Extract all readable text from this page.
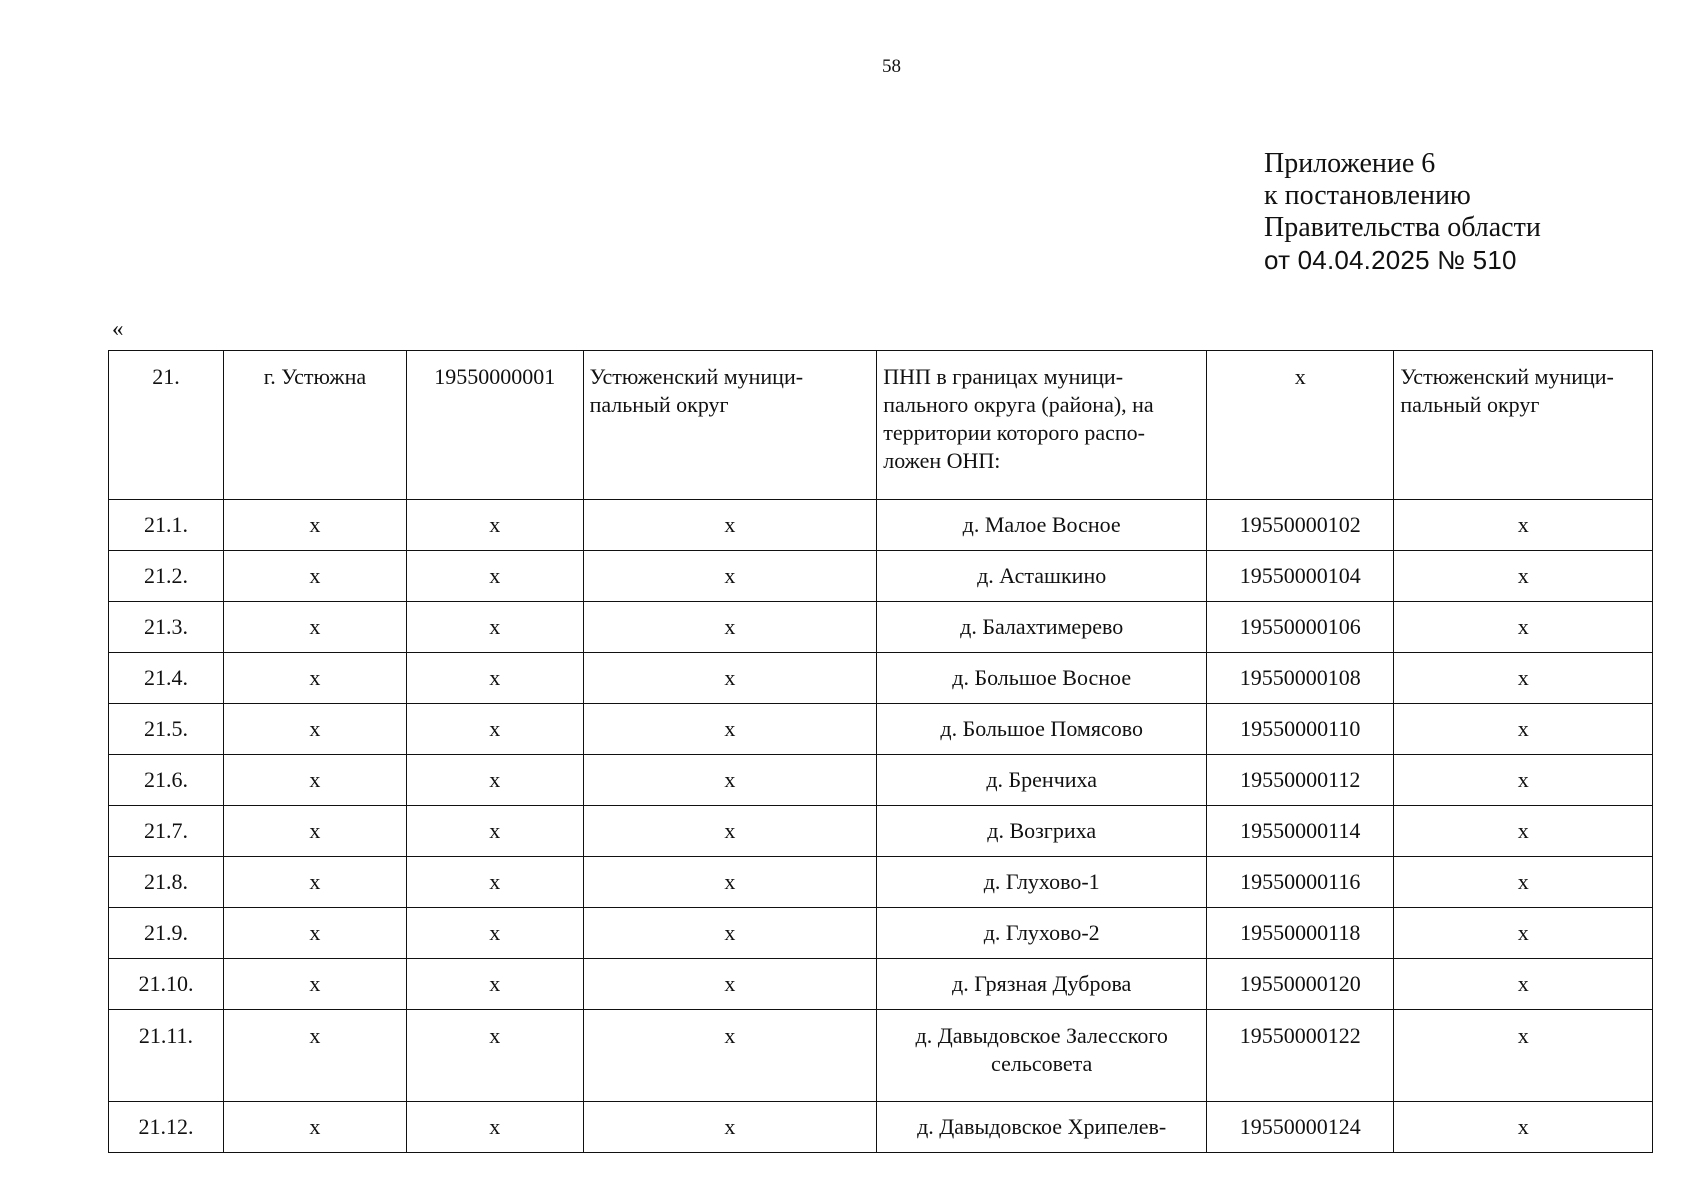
58
Приложение 6
к постановлению
Правительства области
от 04.04.2025 № 510
«
21.	г. Устюжна	19550000001	Устюженский муници-пальный округ	ПНП в границах муници-пального округа (района), на территории которого распо-ложен ОНП:	х	Устюженский муници-пальный округ
21.1.	х	х	х	д. Малое Восное	19550000102	х
21.2.	х	х	х	д. Асташкино	19550000104	х
21.3.	х	х	х	д. Балахтимерево	19550000106	х
21.4.	х	х	х	д. Большое Восное	19550000108	х
21.5.	х	х	х	д. Большое Помясово	19550000110	х
21.6.	х	х	х	д. Бренчиха	19550000112	х
21.7.	х	х	х	д. Возгриха	19550000114	х
21.8.	х	х	х	д. Глухово-1	19550000116	х
21.9.	х	х	х	д. Глухово-2	19550000118	х
21.10.	х	х	х	д. Грязная Дуброва	19550000120	х
21.11.	х	х	х	д. Давыдовское Залесского сельсовета	19550000122	х
21.12.	х	х	х	д. Давыдовское Хрипелев-	19550000124	х
